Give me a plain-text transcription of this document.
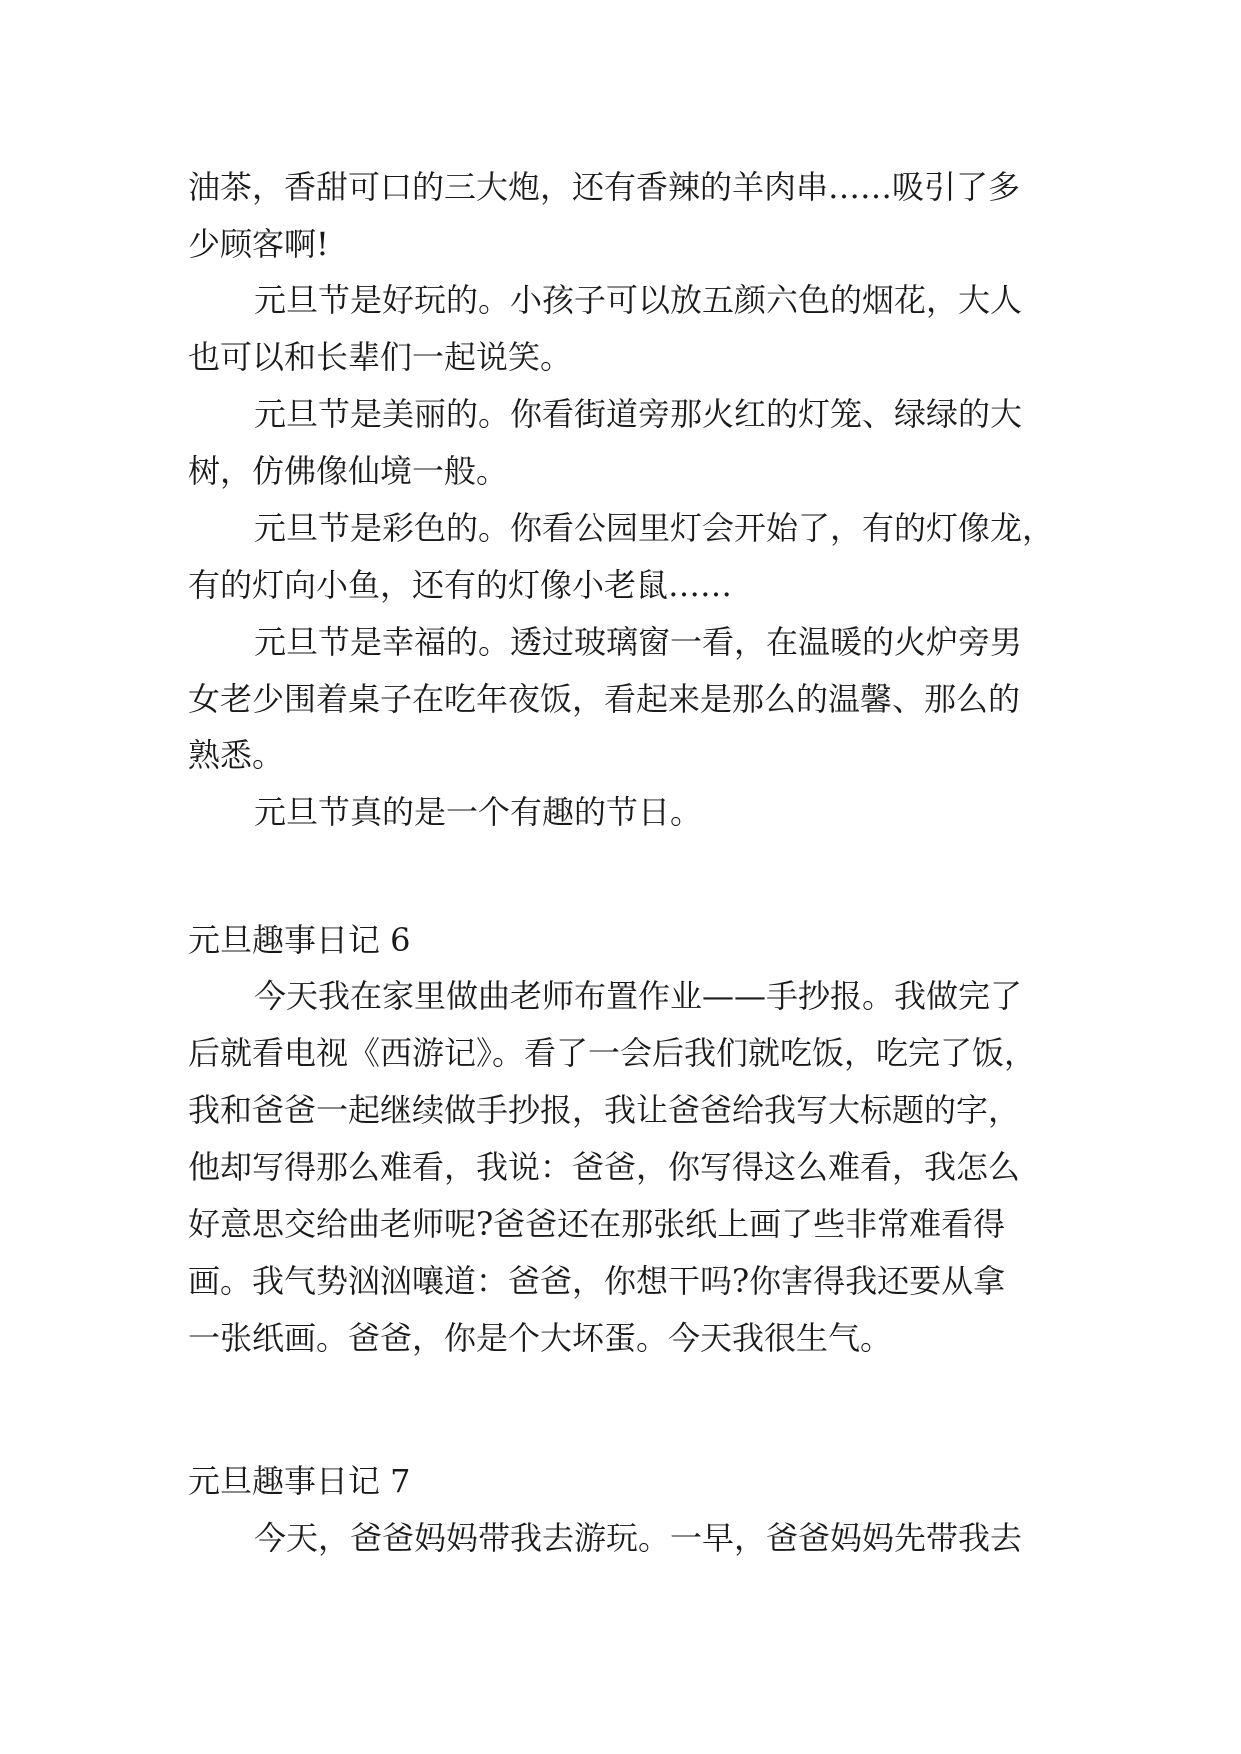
油茶，香甜可口的三大炮，还有香辣的羊肉串……吸引了多
少顾客啊!
元旦节是好玩的。小孩子可以放五颜六色的烟花，大人
也可以和长辈们一起说笑。
元旦节是美丽的。你看街道旁那火红的灯笼、绿绿的大
树，仿佛像仙境一般。
元旦节是彩色的。你看公园里灯会开始了，有的灯像龙，
有的灯向小鱼，还有的灯像小老鼠……
元旦节是幸福的。透过玻璃窗一看，在温暖的火炉旁男
女老少围着桌子在吃年夜饭，看起来是那么的温馨、那么的
熟悉。
元旦节真的是一个有趣的节日。
元旦趣事日记 6
今天我在家里做曲老师布置作业——手抄报。我做完了
后就看电视《西游记》。看了一会后我们就吃饭，吃完了饭，
我和爸爸一起继续做手抄报，我让爸爸给我写大标题的字，
他却写得那么难看，我说：爸爸，你写得这么难看，我怎么
好意思交给曲老师呢?爸爸还在那张纸上画了些非常难看得
画。我气势汹汹嚷道：爸爸，你想干吗?你害得我还要从拿
一张纸画。爸爸，你是个大坏蛋。今天我很生气。
元旦趣事日记 7
今天，爸爸妈妈带我去游玩。一早，爸爸妈妈先带我去
